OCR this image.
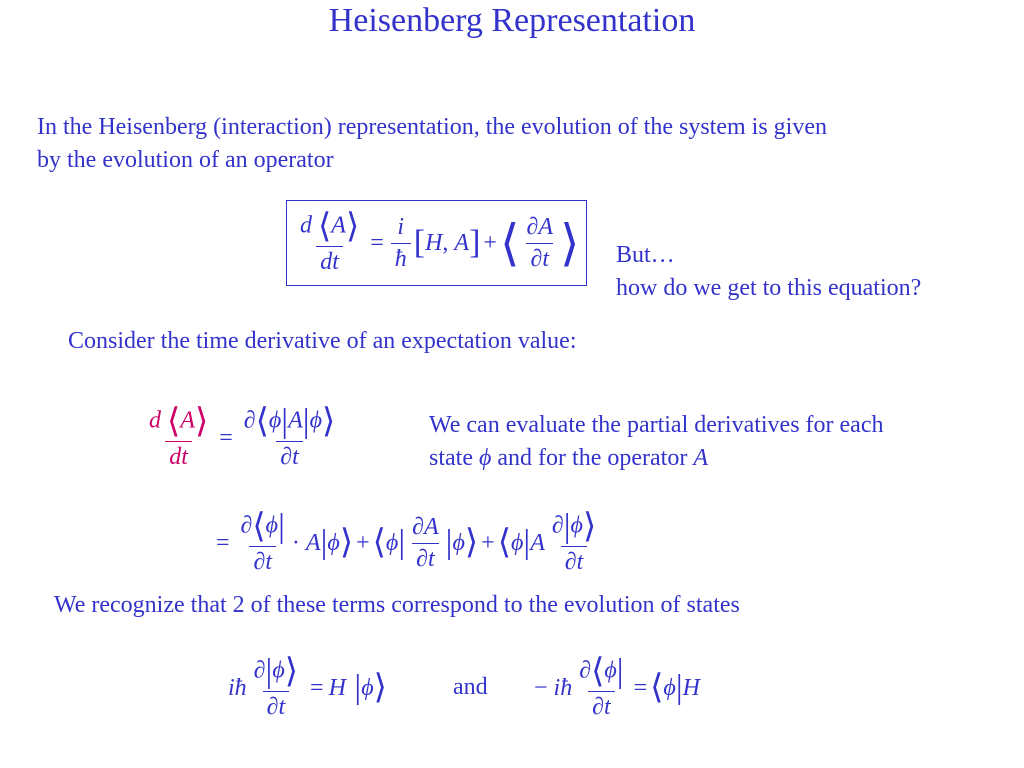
Heisenberg Representation
In the Heisenberg (interaction) representation, the evolution of the system is given
by the evolution of an operator
$\frac{d ⟨A⟩}{dt} = \frac{i}{ħ}$ [ H , A ] + ⟨ $\frac{\partial A}{\partial t}$ ⟩ But…
how do we get to this equation?
Consider the time derivative of an expectation value:
$\frac{d ⟨A⟩}{dt} = \frac{\partial⟨\phi|A|\phi⟩}{\partial t}$	We can evaluate the partial derivatives for each
state ϕ and for the operator A
= $\frac{\partial⟨\phi|}{\partial t} \cdot A$ | ϕ ⟩ + ⟨ ϕ | $\frac{\partial A}{\partial t}$ | ϕ ⟩ + ⟨ ϕ | A $\frac{\partial|\phi⟩}{\partial t}$
We recognize that 2 of these terms correspond to the evolution of states
iħ $\frac{\partial|\phi⟩}{\partial t} = H$ | ϕ ⟩	and − iħ $\frac{\partial⟨\phi|}{\partial t}$ = ⟨ ϕ | H
